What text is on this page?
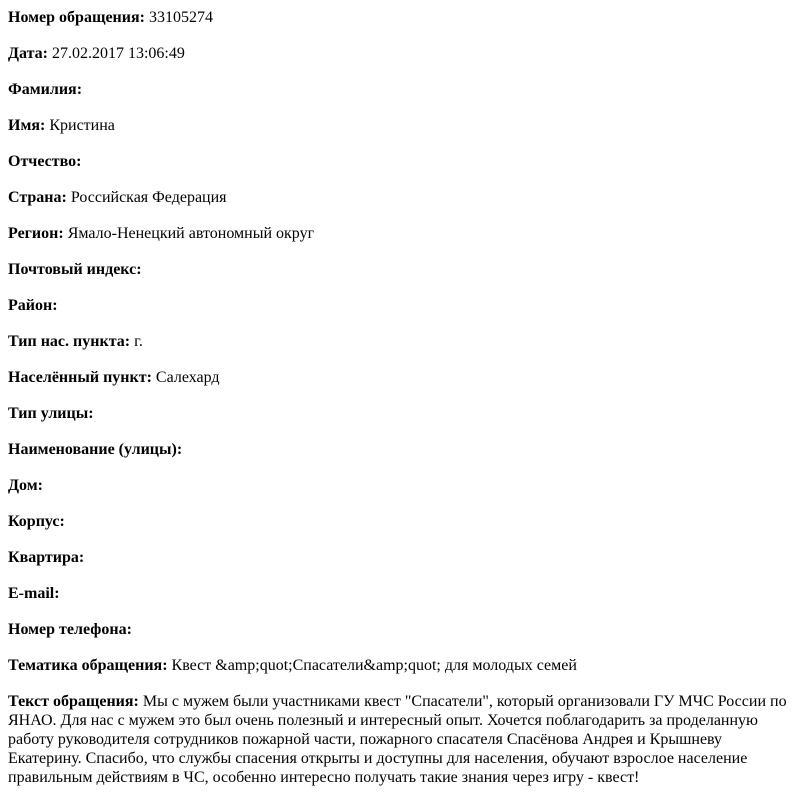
Номер обращения: 33105274

Дата: 27.02.2017 13:06:49

Фамилия:

Имя: Кристина

Отчество:

Страна: Российская Федерация

Регион: Ямало-Ненецкий автономный округ

Почтовый индекс:

Район:

Тип нас. пункта: г.

Населённый пункт: Салехард

Тип улицы:

Наименование (улицы):

Дом:

Корпус:

Квартира:

E-mail:

Номер телефона:

Тематика обращения: Квест &amp;quot;Спасатели&amp;quot; для молодых семей

Текст обращения: Мы с мужем были участниками квест "Спасатели", который организовали ГУ МЧС России по ЯНАО. Для нас с мужем это был очень полезный и интересный опыт. Хочется поблагодарить за проделанную работу руководителя сотрудников пожарной части, пожарного спасателя Спасёнова Андрея и Крышневу Екатерину. Спасибо, что службы спасения открыты и доступны для населения, обучают взрослое население правильным действиям в ЧС, особенно интересно получать такие знания через игру - квест!
